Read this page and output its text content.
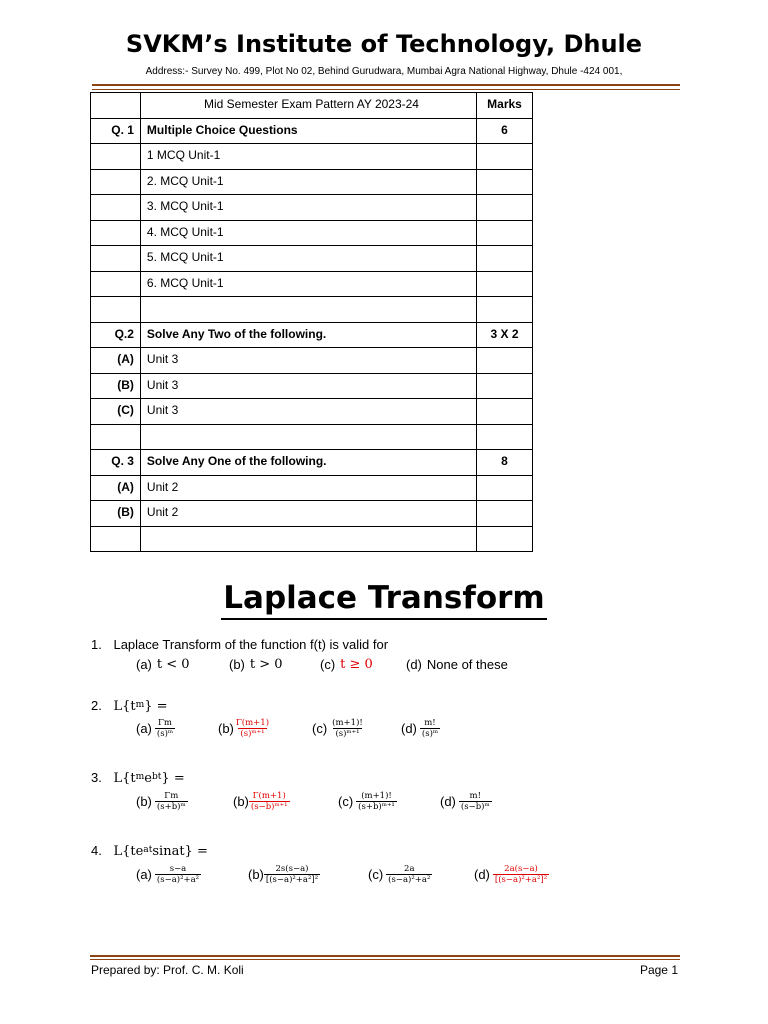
SVKM’s Institute of Technology, Dhule
Address:- Survey No. 499, Plot No 02, Behind Gurudwara, Mumbai Agra National Highway, Dhule -424 001,
	Mid Semester Exam Pattern AY 2023-24	Marks
Q. 1	Multiple Choice Questions	6
	1 MCQ Unit-1	
	2. MCQ Unit-1	
	3. MCQ Unit-1	
	4. MCQ Unit-1	
	5. MCQ Unit-1	
	6. MCQ Unit-1	

Q.2	Solve Any Two of the following.	3 X 2
(A)	Unit 3	
(B)	Unit 3	
(C)	Unit 3	

Q. 3	Solve Any One of the following.	8
(A)	Unit 2	
(B)	Unit 2	

Laplace Transform
1. Laplace Transform of the function f(t) is valid for
(a) t < 0	(b) t > 0	(c) t ≥ 0	(d) None of these
2. $L\{t^m\}$ =
$(a) \frac{\Gamma m}{\text{(s)ᵐ}}$	$(b) \frac{\Gamma(m+1)}{\text{(s)ᵐ⁺¹}}$	$(c) \frac{(m+1)!}{\text{(s)ᵐ⁺¹}}$	$(d) \frac{m!}{\text{(s)ᵐ}}$
3. $L\{t^me^{bt}\}$ =
$(b) \frac{\Gamma m}{\text{(s+b)ᵐ}}$	$(b) \frac{\Gamma(m+1)}{\text{(s−b)ᵐ⁺¹}}$	$(c) \frac{(m+1)!}{\text{(s+b)ᵐ⁺¹}}$	$(d) \frac{m!}{\text{(s−b)ᵐ}}$
4. $L\{te^{at}sinat\}$ =
$(a) \frac{s-a}{\text{(s−a)²+a²}}$	$(b) \frac{2s(s-a)}{\text{[(s−a)²+a²]²}}$	$(c) \frac{2a}{\text{(s−a)²+a²}}$	$(d) \frac{2a(s-a)}{\text{[(s−a)²+a²]²}}$
Prepared by: Prof. C. M. Koli	Page 1
